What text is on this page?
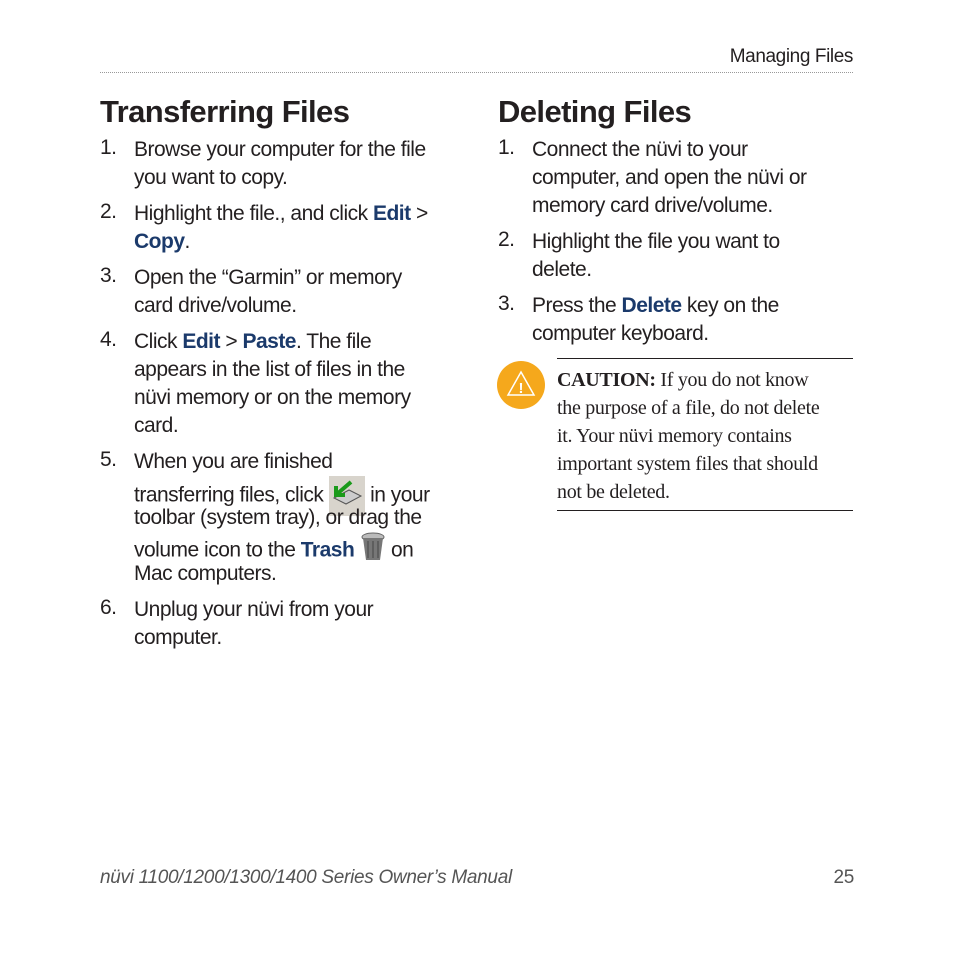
Managing Files
Transferring Files
1. Browse your computer for the file
you want to copy.
2. Highlight the file., and click Edit >
Copy.
3. Open the “Garmin” or memory
card drive/volume.
4. Click Edit > Paste. The file
appears in the list of files in the
nüvi memory or on the memory
card.
5. When you are finished
transferring files, click  in your
toolbar (system tray), or drag the
volume icon to the Trash  on
Mac computers.
6. Unplug your nüvi from your
computer.
Deleting Files
1. Connect the nüvi to your
computer, and open the nüvi or
memory card drive/volume.
2. Highlight the file you want to
delete.
3. Press the Delete key on the
computer keyboard.
! CAUTION: If you do not know
the purpose of a file, do not delete
it. Your nüvi memory contains
important system files that should
not be deleted.
nüvi 1100/1200/1300/1400 Series Owner’s Manual	25
